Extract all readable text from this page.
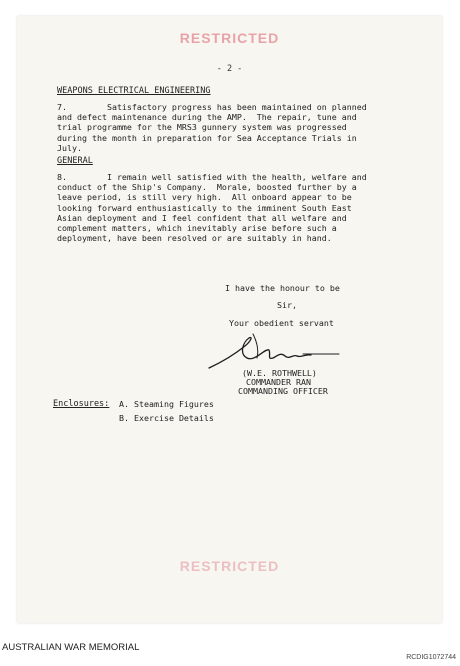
RESTRICTED
- 2 -
WEAPONS ELECTRICAL ENGINEERING
7.        Satisfactory progress has been maintained on planned
and defect maintenance during the AMP.  The repair, tune and
trial programme for the MRS3 gunnery system was progressed
during the month in preparation for Sea Acceptance Trials in
July.
GENERAL
8.        I remain well satisfied with the health, welfare and
conduct of the Ship's Company.  Morale, boosted further by a
leave period, is still very high.  All onboard appear to be
looking forward enthusiastically to the imminent South East
Asian deployment and I feel confident that all welfare and
complement matters, which inevitably arise before such a
deployment, have been resolved or are suitably in hand.
I have the honour to be
Sir,
Your obedient servant
(W.E. ROTHWELL)
COMMANDER RAN
COMMANDING OFFICER
Enclosures: A. Steaming Figures
B. Exercise Details
RESTRICTED
AUSTRALIAN WAR MEMORIAL
RCDIG1072744
